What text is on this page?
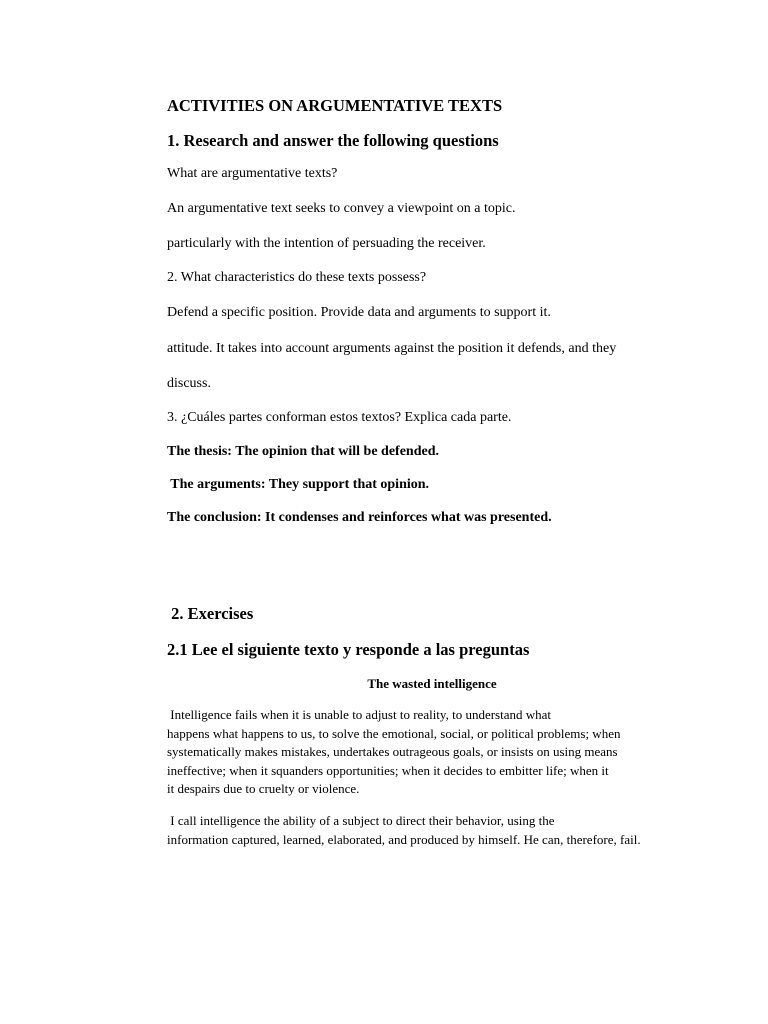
ACTIVITIES ON ARGUMENTATIVE TEXTS
1. Research and answer the following questions

What are argumentative texts?

An argumentative text seeks to convey a viewpoint on a topic.

particularly with the intention of persuading the receiver.

2. What characteristics do these texts possess?

Defend a specific position. Provide data and arguments to support it.

attitude. It takes into account arguments against the position it defends, and they

discuss.

3. ¿Cuáles partes conforman estos textos? Explica cada parte.

The thesis: The opinion that will be defended.

The arguments: They support that opinion.

The conclusion: It condenses and reinforces what was presented.

2. Exercises
2.1 Lee el siguiente texto y responde a las preguntas

The wasted intelligence

Intelligence fails when it is unable to adjust to reality, to understand what
happens what happens to us, to solve the emotional, social, or political problems; when
systematically makes mistakes, undertakes outrageous goals, or insists on using means
ineffective; when it squanders opportunities; when it decides to embitter life; when it
it despairs due to cruelty or violence.
I call intelligence the ability of a subject to direct their behavior, using the
information captured, learned, elaborated, and produced by himself. He can, therefore, fail.
